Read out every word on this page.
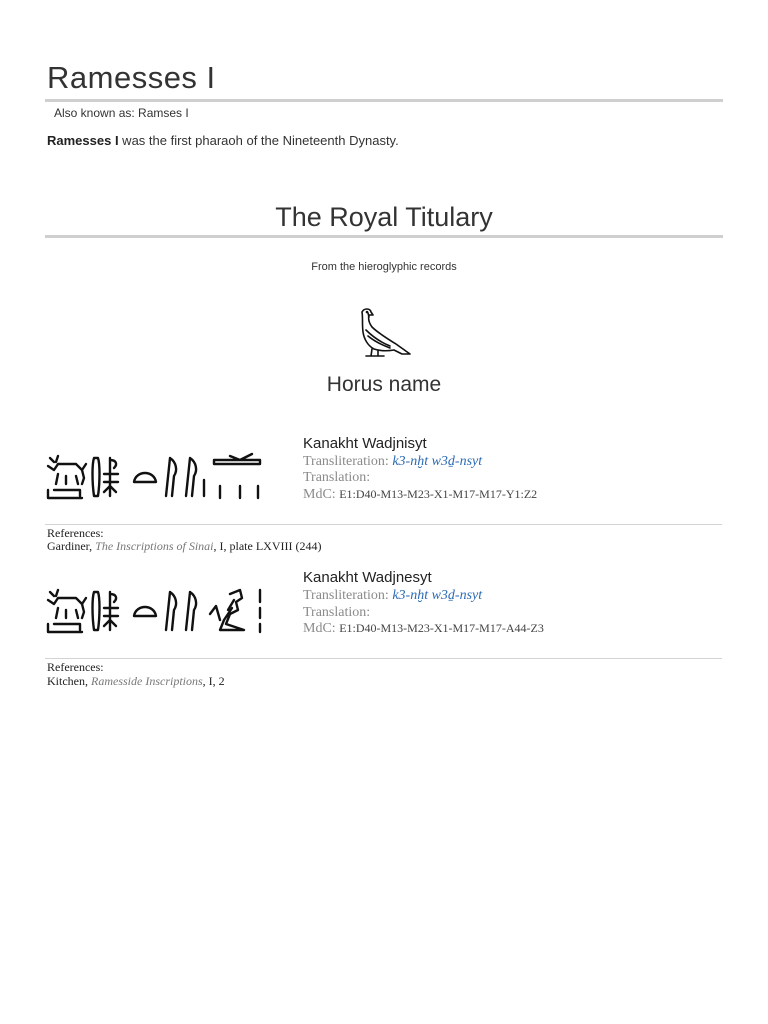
Ramesses I
Also known as: Ramses I
Ramesses I was the first pharaoh of the Nineteenth Dynasty.
The Royal Titulary
From the hieroglyphic records
Horus name
Kanakht Wadjnisyt
Transliteration: k3-nḫt w3ḏ-nsyt
Translation:
MdC: E1:D40-M13-M23-X1-M17-M17-Y1:Z2
References:
Gardiner, The Inscriptions of Sinai, I, plate LXVIII (244)
Kanakht Wadjnesyt
Transliteration: k3-nḫt w3ḏ-nsyt
Translation:
MdC: E1:D40-M13-M23-X1-M17-M17-A44-Z3
References:
Kitchen, Ramesside Inscriptions, I, 2
